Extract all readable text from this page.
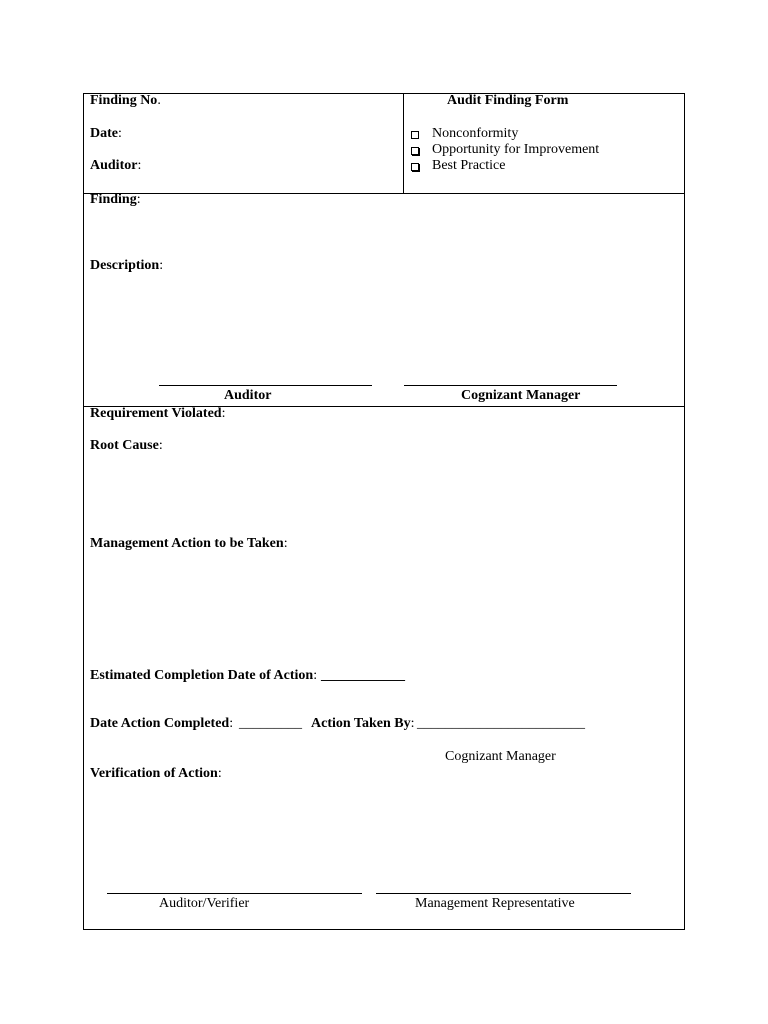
Finding No.
Date:
Auditor:
Audit Finding Form
Nonconformity
Opportunity for Improvement
Best Practice
Finding:
Description:
Auditor	Cognizant Manager
Requirement Violated:
Root Cause:
Management Action to be Taken:
Estimated Completion Date of Action: ____________
Date Action Completed: _________ Action Taken By: ________________________
Cognizant Manager
Verification of Action:
Auditor/Verifier	Management Representative
